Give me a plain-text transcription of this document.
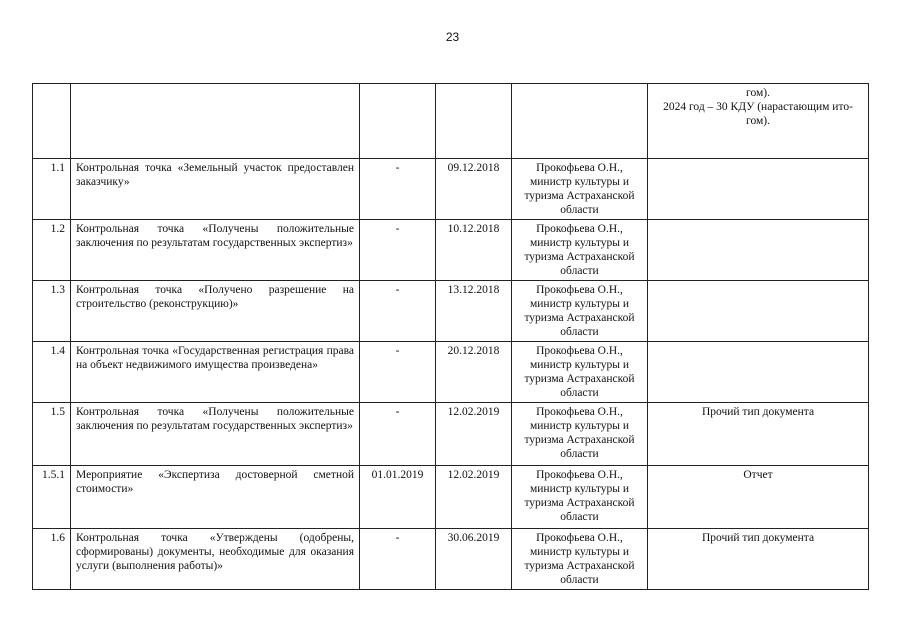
23

					гом).
2024 год – 30 КДУ (нарастающим ито-
гом).

1.1	Контрольная точка «Земельный участок предоставлен заказчику»	-	09.12.2018	Прокофьева О.Н., министр культуры и туризма Астраханской области	
1.2	Контрольная точка «Получены положительные заключения по результатам государственных экспертиз»	-	10.12.2018	Прокофьева О.Н., министр культуры и туризма Астраханской области	
1.3	Контрольная точка «Получено разрешение на строительство (реконструкцию)»	-	13.12.2018	Прокофьева О.Н., министр культуры и туризма Астраханской области	
1.4	Контрольная точка «Государственная регистрация права на объект недвижимого имущества произведена»	-	20.12.2018	Прокофьева О.Н., министр культуры и туризма Астраханской области	
1.5	Контрольная точка «Получены положительные заключения по результатам государственных экспертиз»	-	12.02.2019	Прокофьева О.Н., министр культуры и туризма Астраханской области	Прочий тип документа
1.5.1	Мероприятие «Экспертиза достоверной сметной стоимости»	01.01.2019	12.02.2019	Прокофьева О.Н., министр культуры и туризма Астраханской области	Отчет
1.6	Контрольная точка «Утверждены (одобрены, сформированы) документы, необходимые для оказания услуги (выполнения работы)»	-	30.06.2019	Прокофьева О.Н., министр культуры и туризма Астраханской области	Прочий тип документа
